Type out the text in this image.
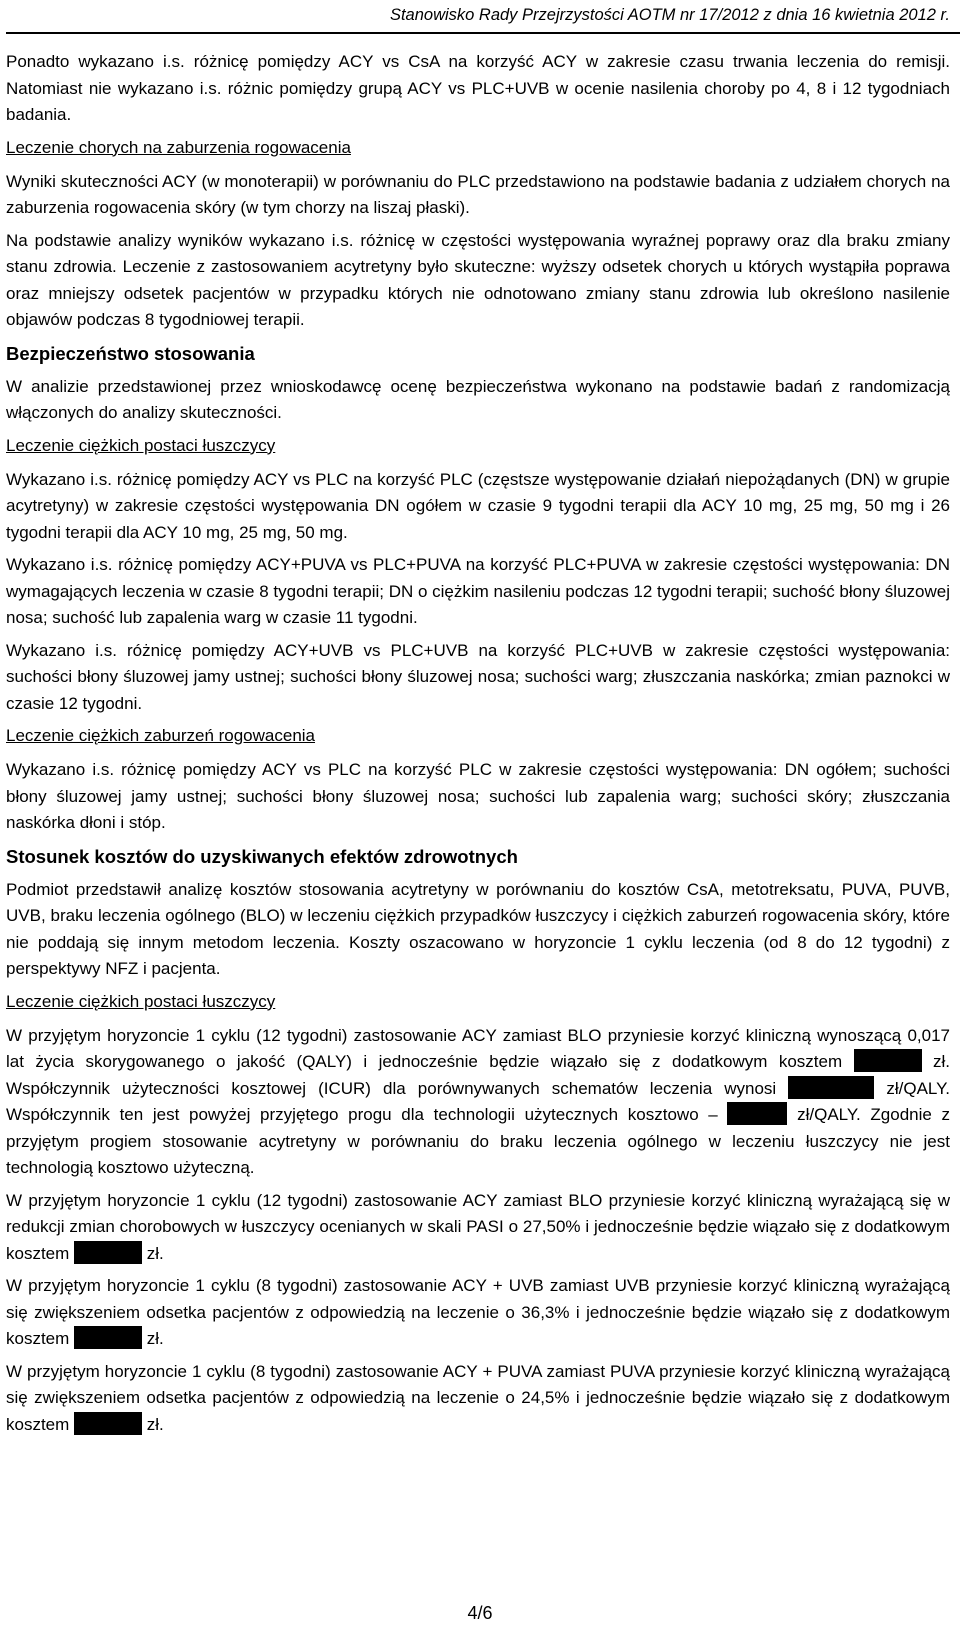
Stanowisko Rady Przejrzystości AOTM nr 17/2012 z dnia 16 kwietnia 2012 r.

Ponadto wykazano i.s. różnicę pomiędzy ACY vs CsA na korzyść ACY w zakresie czasu trwania leczenia do remisji. Natomiast nie wykazano i.s. różnic pomiędzy grupą ACY vs PLC+UVB w ocenie nasilenia choroby po 4, 8 i 12 tygodniach badania.

Leczenie chorych na zaburzenia rogowacenia

Wyniki skuteczności ACY (w monoterapii) w porównaniu do PLC przedstawiono na podstawie badania z udziałem chorych na zaburzenia rogowacenia skóry (w tym chorzy na liszaj płaski).

Na podstawie analizy wyników wykazano i.s. różnicę w częstości występowania wyraźnej poprawy oraz dla braku zmiany stanu zdrowia. Leczenie z zastosowaniem acytretyny było skuteczne: wyższy odsetek chorych u których wystąpiła poprawa oraz mniejszy odsetek pacjentów w przypadku których nie odnotowano zmiany stanu zdrowia lub określono nasilenie objawów podczas 8 tygodniowej terapii.

Bezpieczeństwo stosowania

W analizie przedstawionej przez wnioskodawcę ocenę bezpieczeństwa wykonano na podstawie badań z randomizacją włączonych do analizy skuteczności.

Leczenie ciężkich postaci łuszczycy

Wykazano i.s. różnicę pomiędzy ACY vs PLC na korzyść PLC (częstsze występowanie działań niepożądanych (DN) w grupie acytretyny) w zakresie częstości występowania DN ogółem w czasie 9 tygodni terapii dla ACY 10 mg, 25 mg, 50 mg i 26 tygodni terapii dla ACY 10 mg, 25 mg, 50 mg.

Wykazano i.s. różnicę pomiędzy ACY+PUVA vs PLC+PUVA na korzyść PLC+PUVA w zakresie częstości występowania: DN wymagających leczenia w czasie 8 tygodni terapii; DN o ciężkim nasileniu podczas 12 tygodni terapii; suchość błony śluzowej nosa; suchość lub zapalenia warg w czasie 11 tygodni.

Wykazano i.s. różnicę pomiędzy ACY+UVB vs PLC+UVB na korzyść PLC+UVB w zakresie częstości występowania: suchości błony śluzowej jamy ustnej; suchości błony śluzowej nosa; suchości warg; złuszczania naskórka; zmian paznokci w czasie 12 tygodni.

Leczenie ciężkich zaburzeń rogowacenia

Wykazano i.s. różnicę pomiędzy ACY vs PLC na korzyść PLC w zakresie częstości występowania: DN ogółem; suchości błony śluzowej jamy ustnej; suchości błony śluzowej nosa; suchości lub zapalenia warg; suchości skóry; złuszczania naskórka dłoni i stóp.

Stosunek kosztów do uzyskiwanych efektów zdrowotnych

Podmiot przedstawił analizę kosztów stosowania acytretyny w porównaniu do kosztów CsA, metotreksatu, PUVA, PUVB, UVB, braku leczenia ogólnego (BLO) w leczeniu ciężkich przypadków łuszczycy i ciężkich zaburzeń rogowacenia skóry, które nie poddają się innym metodom leczenia. Koszty oszacowano w horyzoncie 1 cyklu leczenia (od 8 do 12 tygodni) z perspektywy NFZ i pacjenta.

Leczenie ciężkich postaci łuszczycy

W przyjętym horyzoncie 1 cyklu (12 tygodni) zastosowanie ACY zamiast BLO przyniesie korzyć kliniczną wynoszącą 0,017 lat życia skorygowanego o jakość (QALY) i jednocześnie będzie wiązało się z dodatkowym kosztem	zł. Współczynnik użyteczności kosztowej (ICUR) dla porównywanych schematów leczenia wynosi	zł/QALY. Współczynnik ten jest powyżej przyjętego progu dla technologii użytecznych kosztowo –	zł/QALY. Zgodnie z przyjętym progiem stosowanie acytretyny w porównaniu do braku leczenia ogólnego w leczeniu łuszczycy nie jest technologią kosztowo użyteczną.

W przyjętym horyzoncie 1 cyklu (12 tygodni) zastosowanie ACY zamiast BLO przyniesie korzyć kliniczną wyrażającą się w redukcji zmian chorobowych w łuszczycy ocenianych w skali PASI o 27,50% i jednocześnie będzie wiązało się z dodatkowym kosztem	zł.

W przyjętym horyzoncie 1 cyklu (8 tygodni) zastosowanie ACY + UVB zamiast UVB przyniesie korzyć kliniczną wyrażającą się zwiększeniem odsetka pacjentów z odpowiedzią na leczenie o 36,3% i jednocześnie będzie wiązało się z dodatkowym kosztem	zł.

W przyjętym horyzoncie 1 cyklu (8 tygodni) zastosowanie ACY + PUVA zamiast PUVA przyniesie korzyć kliniczną wyrażającą się zwiększeniem odsetka pacjentów z odpowiedzią na leczenie o 24,5% i jednocześnie będzie wiązało się z dodatkowym kosztem	zł.

4/6
